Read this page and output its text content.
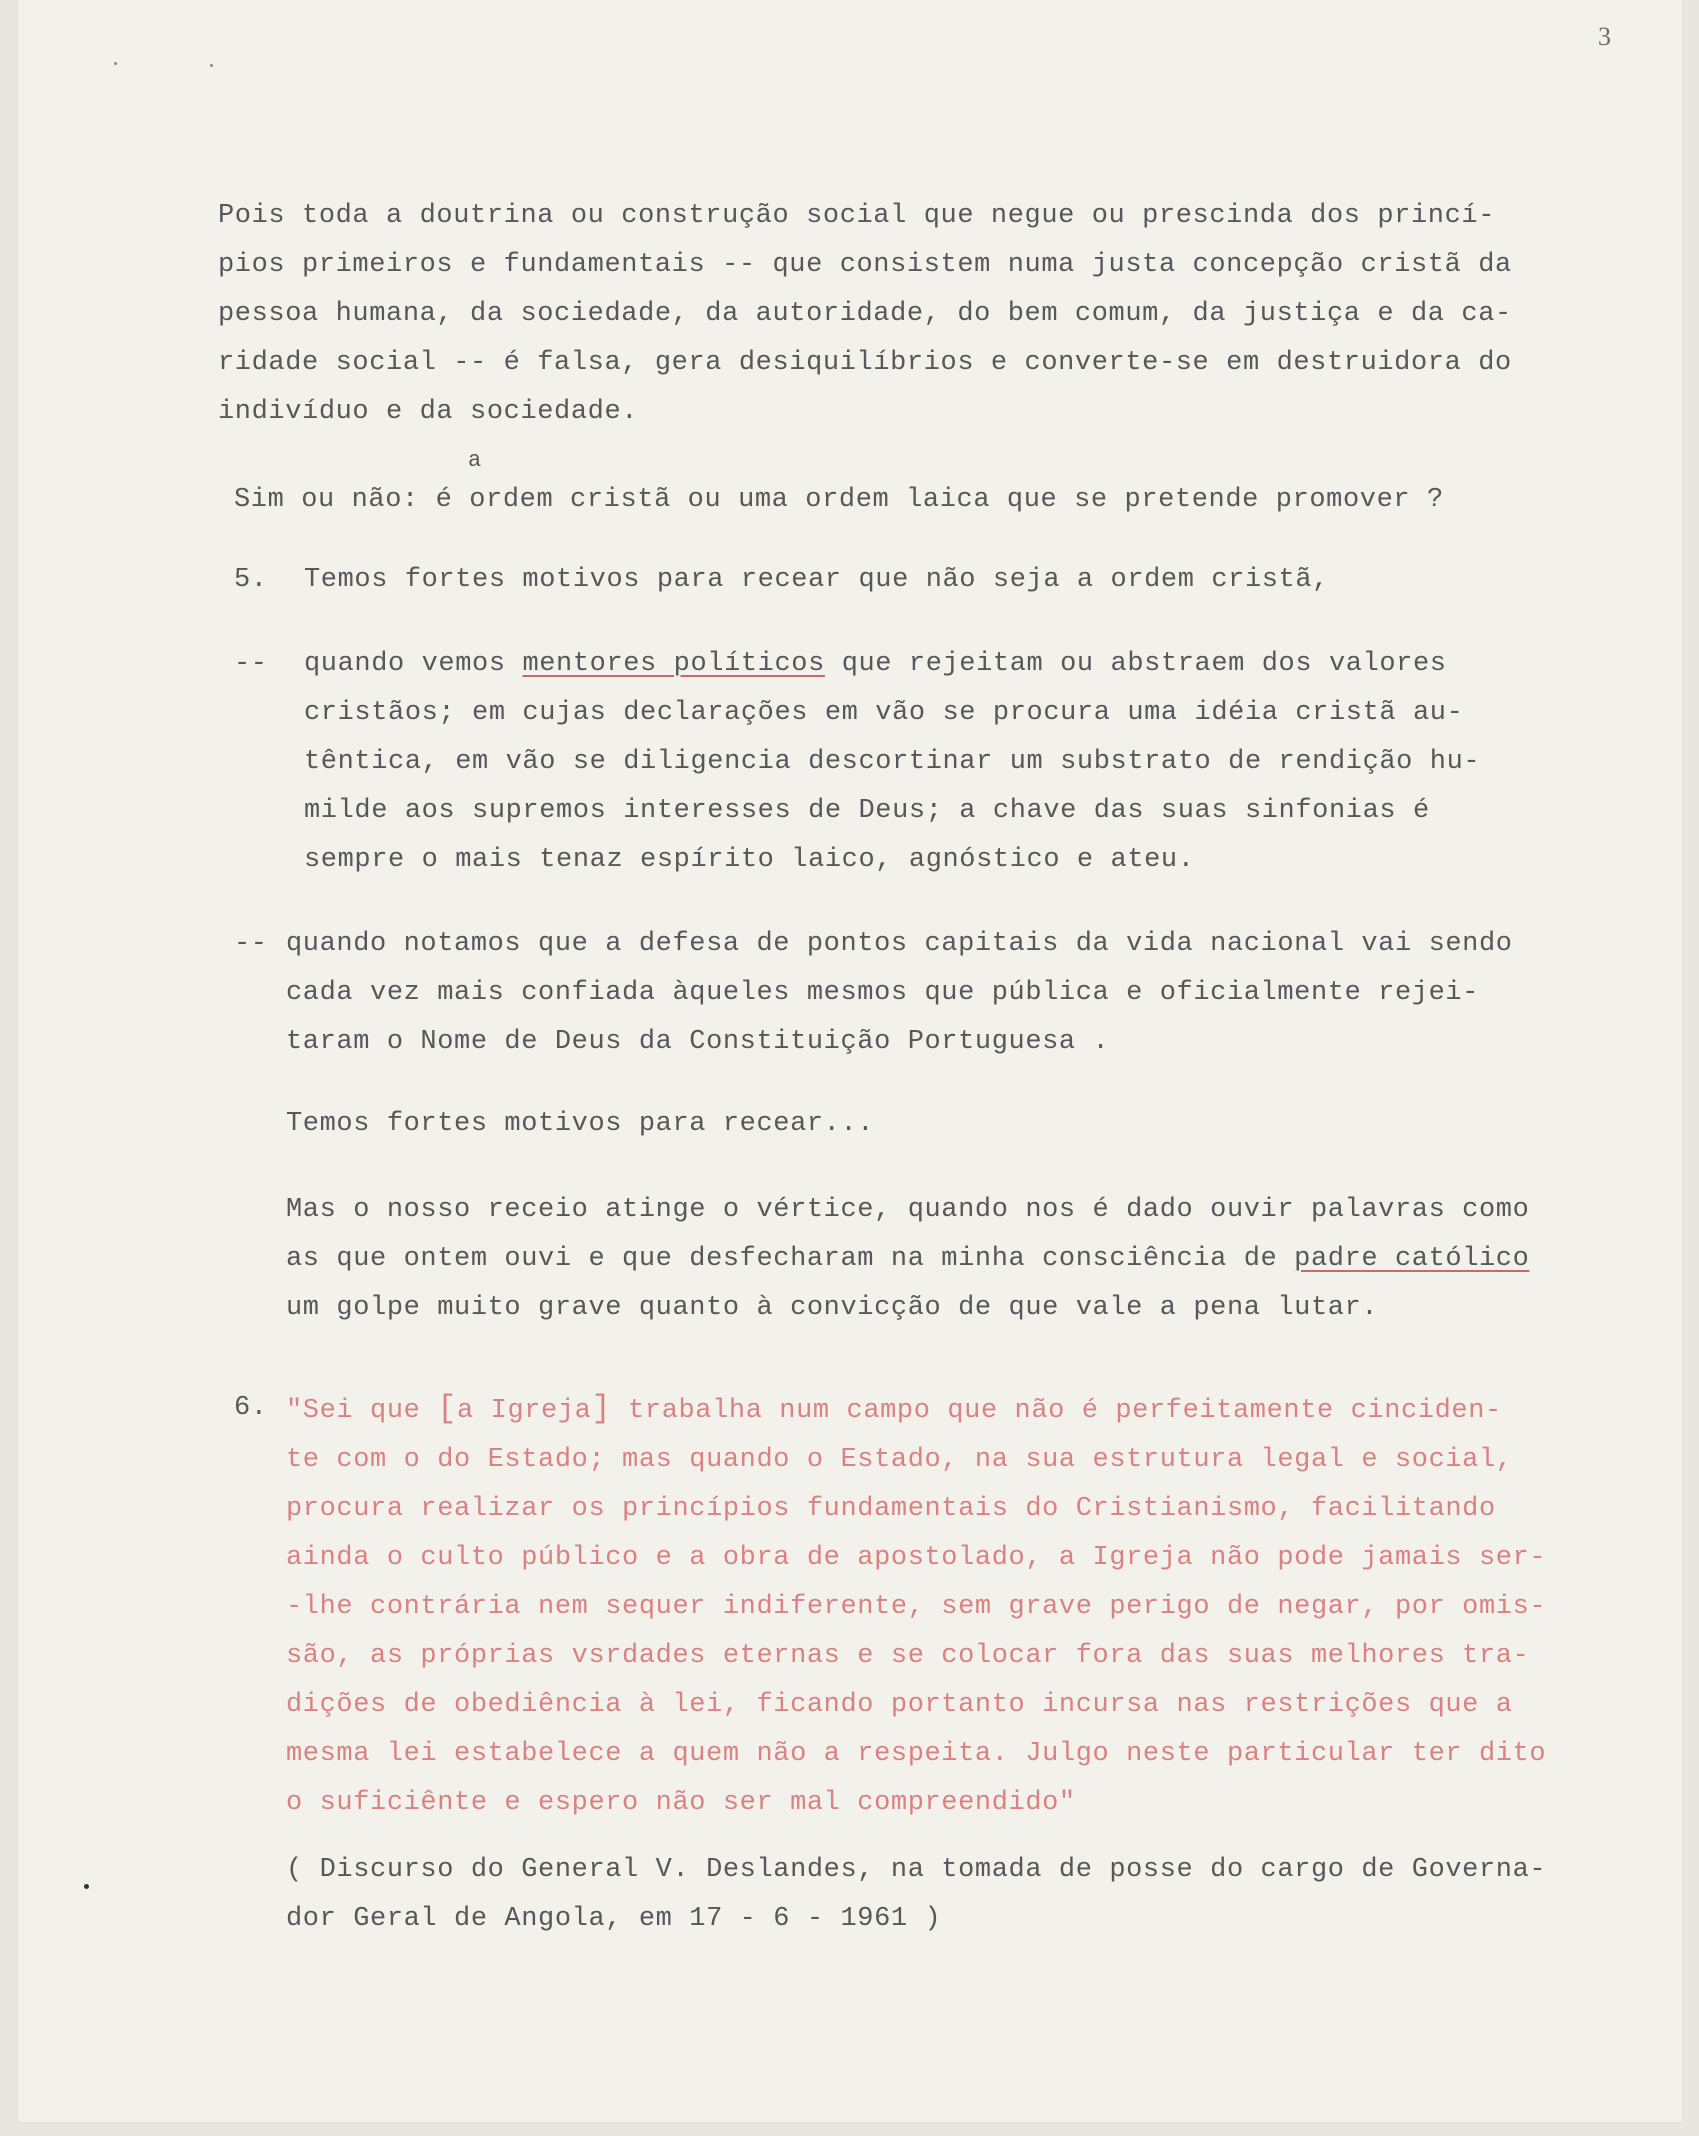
3
Pois toda a doutrina ou construção social que negue ou prescinda dos princí-
pios primeiros e fundamentais -- que consistem numa justa concepção cristã da
pessoa humana, da sociedade, da autoridade, do bem comum, da justiça e da ca-
ridade social -- é falsa, gera desiquilíbrios e converte-se em destruidora do
indivíduo e da sociedade.
Sim ou não: é ordem cristã ou uma ordem laica que se pretende promover ?
a
5. Temos fortes motivos para recear que não seja a ordem cristã,
-- quando vemos mentores políticos que rejeitam ou abstraem dos valores
cristãos; em cujas declarações em vão se procura uma idéia cristã au-
têntica, em vão se diligencia descortinar um substrato de rendição hu-
milde aos supremos interesses de Deus; a chave das suas sinfonias é
sempre o mais tenaz espírito laico, agnóstico e ateu.
-- quando notamos que a defesa de pontos capitais da vida nacional vai sendo
cada vez mais confiada àqueles mesmos que pública e oficialmente rejei-
taram o Nome de Deus da Constituição Portuguesa .
Temos fortes motivos para recear...
Mas o nosso receio atinge o vértice, quando nos é dado ouvir palavras como
as que ontem ouvi e que desfecharam na minha consciência de padre católico
um golpe muito grave quanto à convicção de que vale a pena lutar.
6. "Sei que [a Igreja] trabalha num campo que não é perfeitamente cinciden-
te com o do Estado; mas quando o Estado, na sua estrutura legal e social,
procura realizar os princípios fundamentais do Cristianismo, facilitando
ainda o culto público e a obra de apostolado, a Igreja não pode jamais ser-
-lhe contrária nem sequer indiferente, sem grave perigo de negar, por omis-
são, as próprias vsrdades eternas e se colocar fora das suas melhores tra-
dições de obediência à lei, ficando portanto incursa nas restrições que a
mesma lei estabelece a quem não a respeita. Julgo neste particular ter dito
o suficiênte e espero não ser mal compreendido"
( Discurso do General V. Deslandes, na tomada de posse do cargo de Governa-
dor Geral de Angola, em 17 - 6 - 1961 )
